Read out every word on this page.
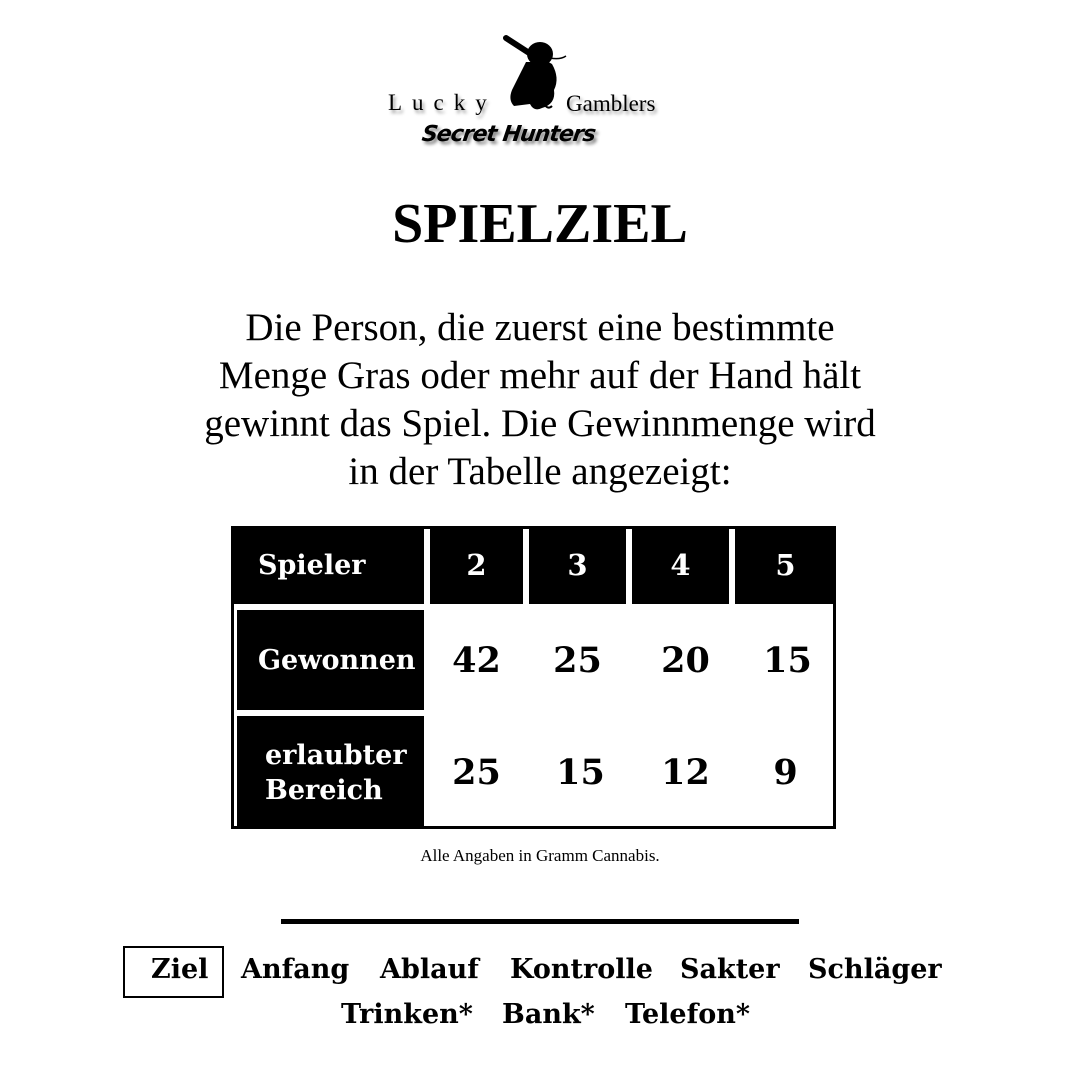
Lucky	Gamblers
Secret Hunters
SPIELZIEL
Die Person, die zuerst eine bestimmte
Menge Gras oder mehr auf der Hand hält
gewinnt das Spiel. Die Gewinnmenge wird
in der Tabelle angezeigt:
Spieler	2	3	4	5
Gewonnen	42	25	20	15
erlaubter
Bereich	25	15	12	9
Alle Angaben in Gramm Cannabis.
Ziel Anfang Ablauf Kontrolle Sakter Schläger
Trinken* Bank* Telefon*
